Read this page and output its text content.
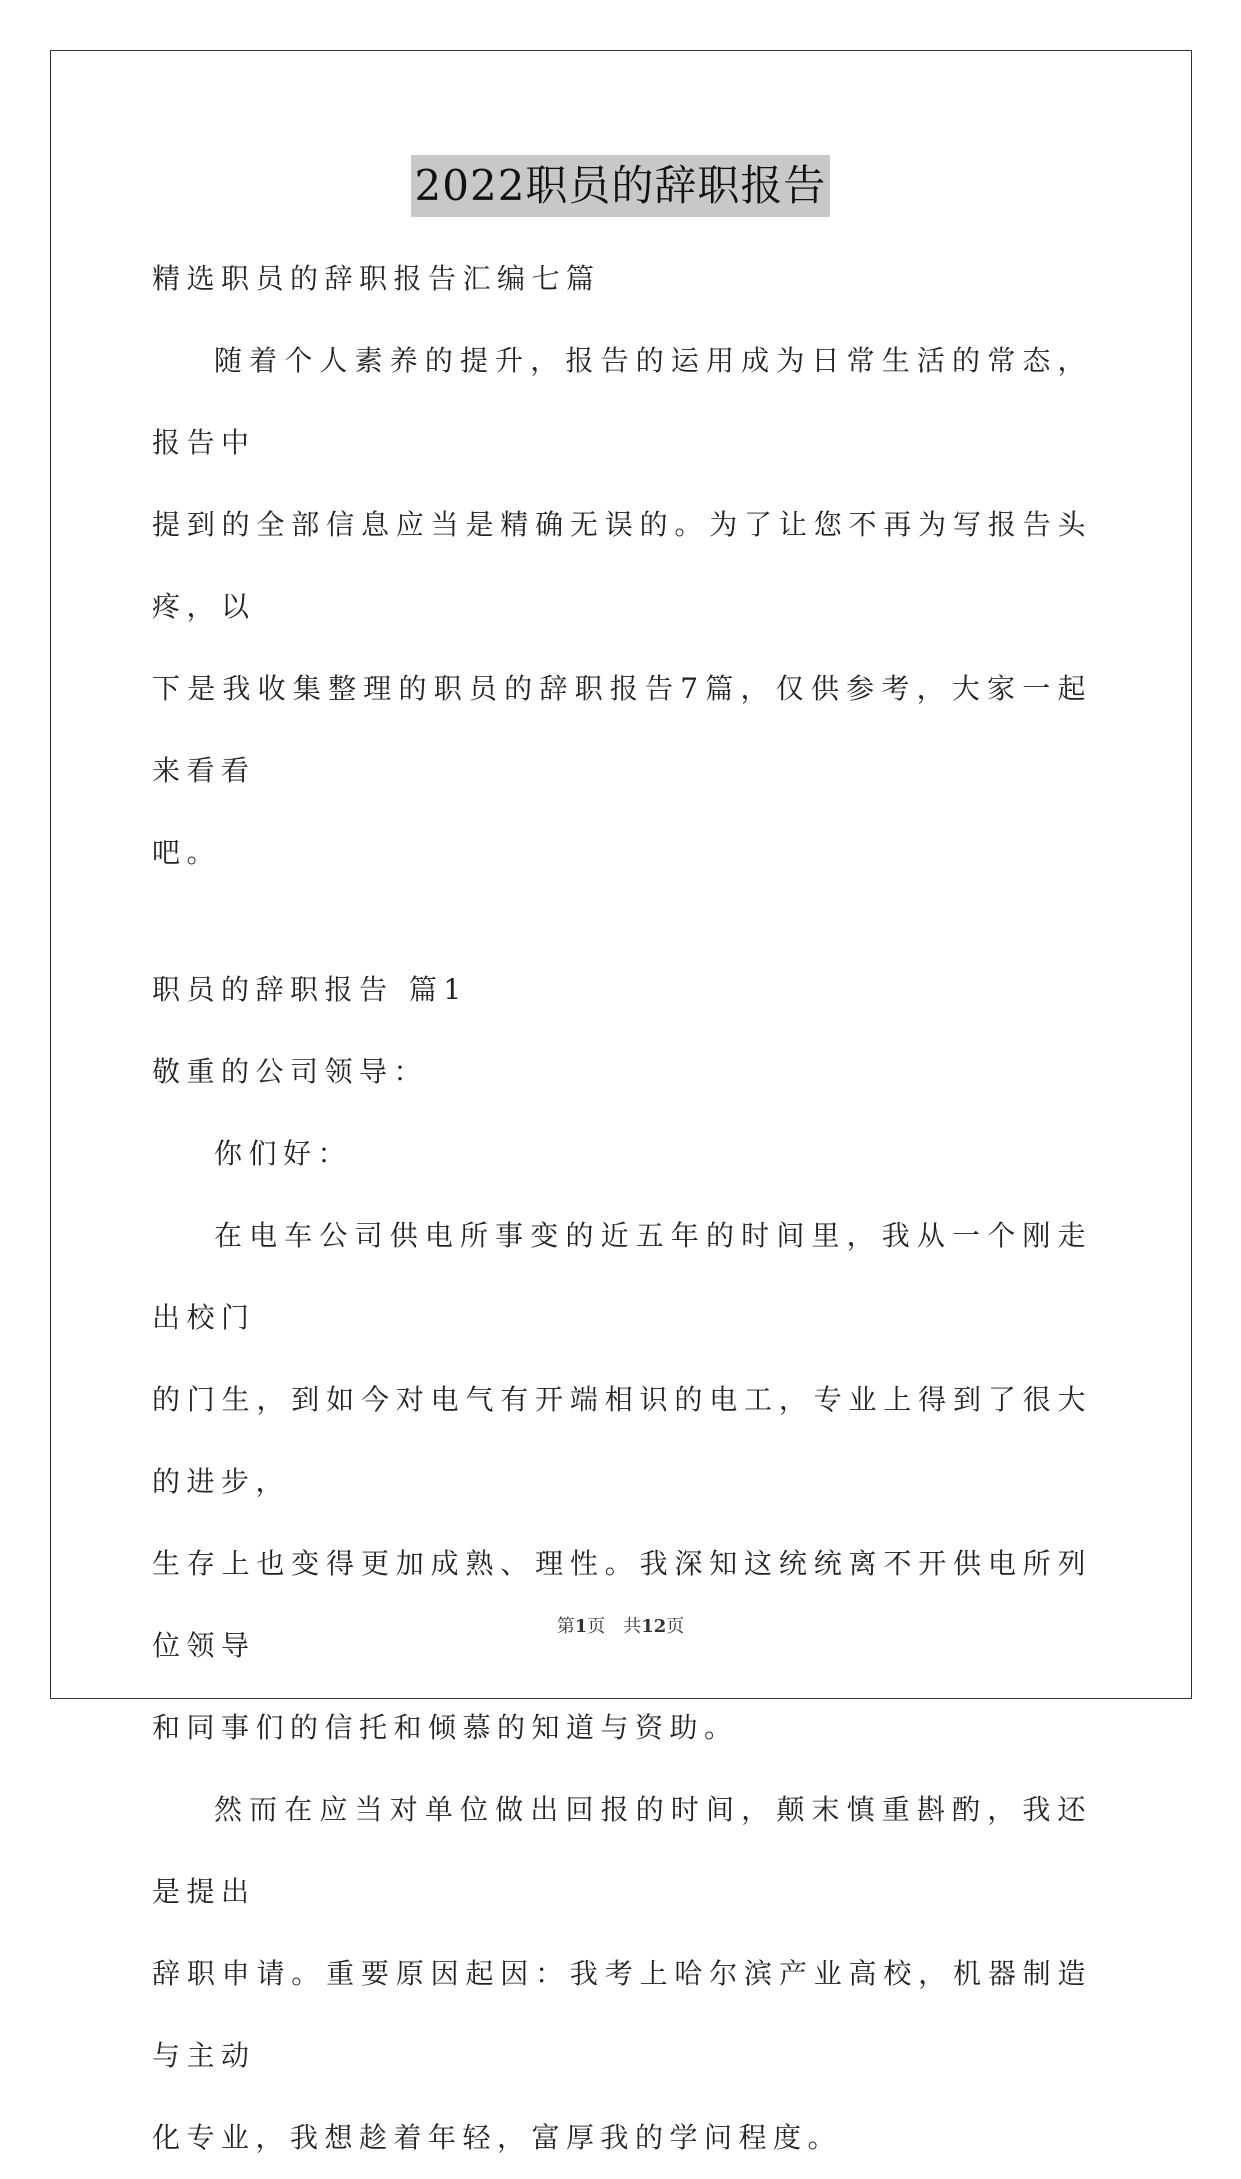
2022职员的辞职报告

精选职员的辞职报告汇编七篇

随着个人素养的提升，报告的运用成为日常生活的常态，报告中

提到的全部信息应当是精确无误的。为了让您不再为写报告头疼，以

下是我收集整理的职员的辞职报告7篇，仅供参考，大家一起来看看

吧。

职员的辞职报告 篇1

敬重的公司领导：

你们好：

在电车公司供电所事变的近五年的时间里，我从一个刚走出校门

的门生，到如今对电气有开端相识的电工，专业上得到了很大的进步，

生存上也变得更加成熟、理性。我深知这统统离不开供电所列位领导

和同事们的信托和倾慕的知道与资助。

然而在应当对单位做出回报的时间，颠末慎重斟酌，我还是提出

辞职申请。重要原因起因：我考上哈尔滨产业高校，机器制造与主动

化专业，我想趁着年轻，富厚我的学问程度。

第1页　共12页
